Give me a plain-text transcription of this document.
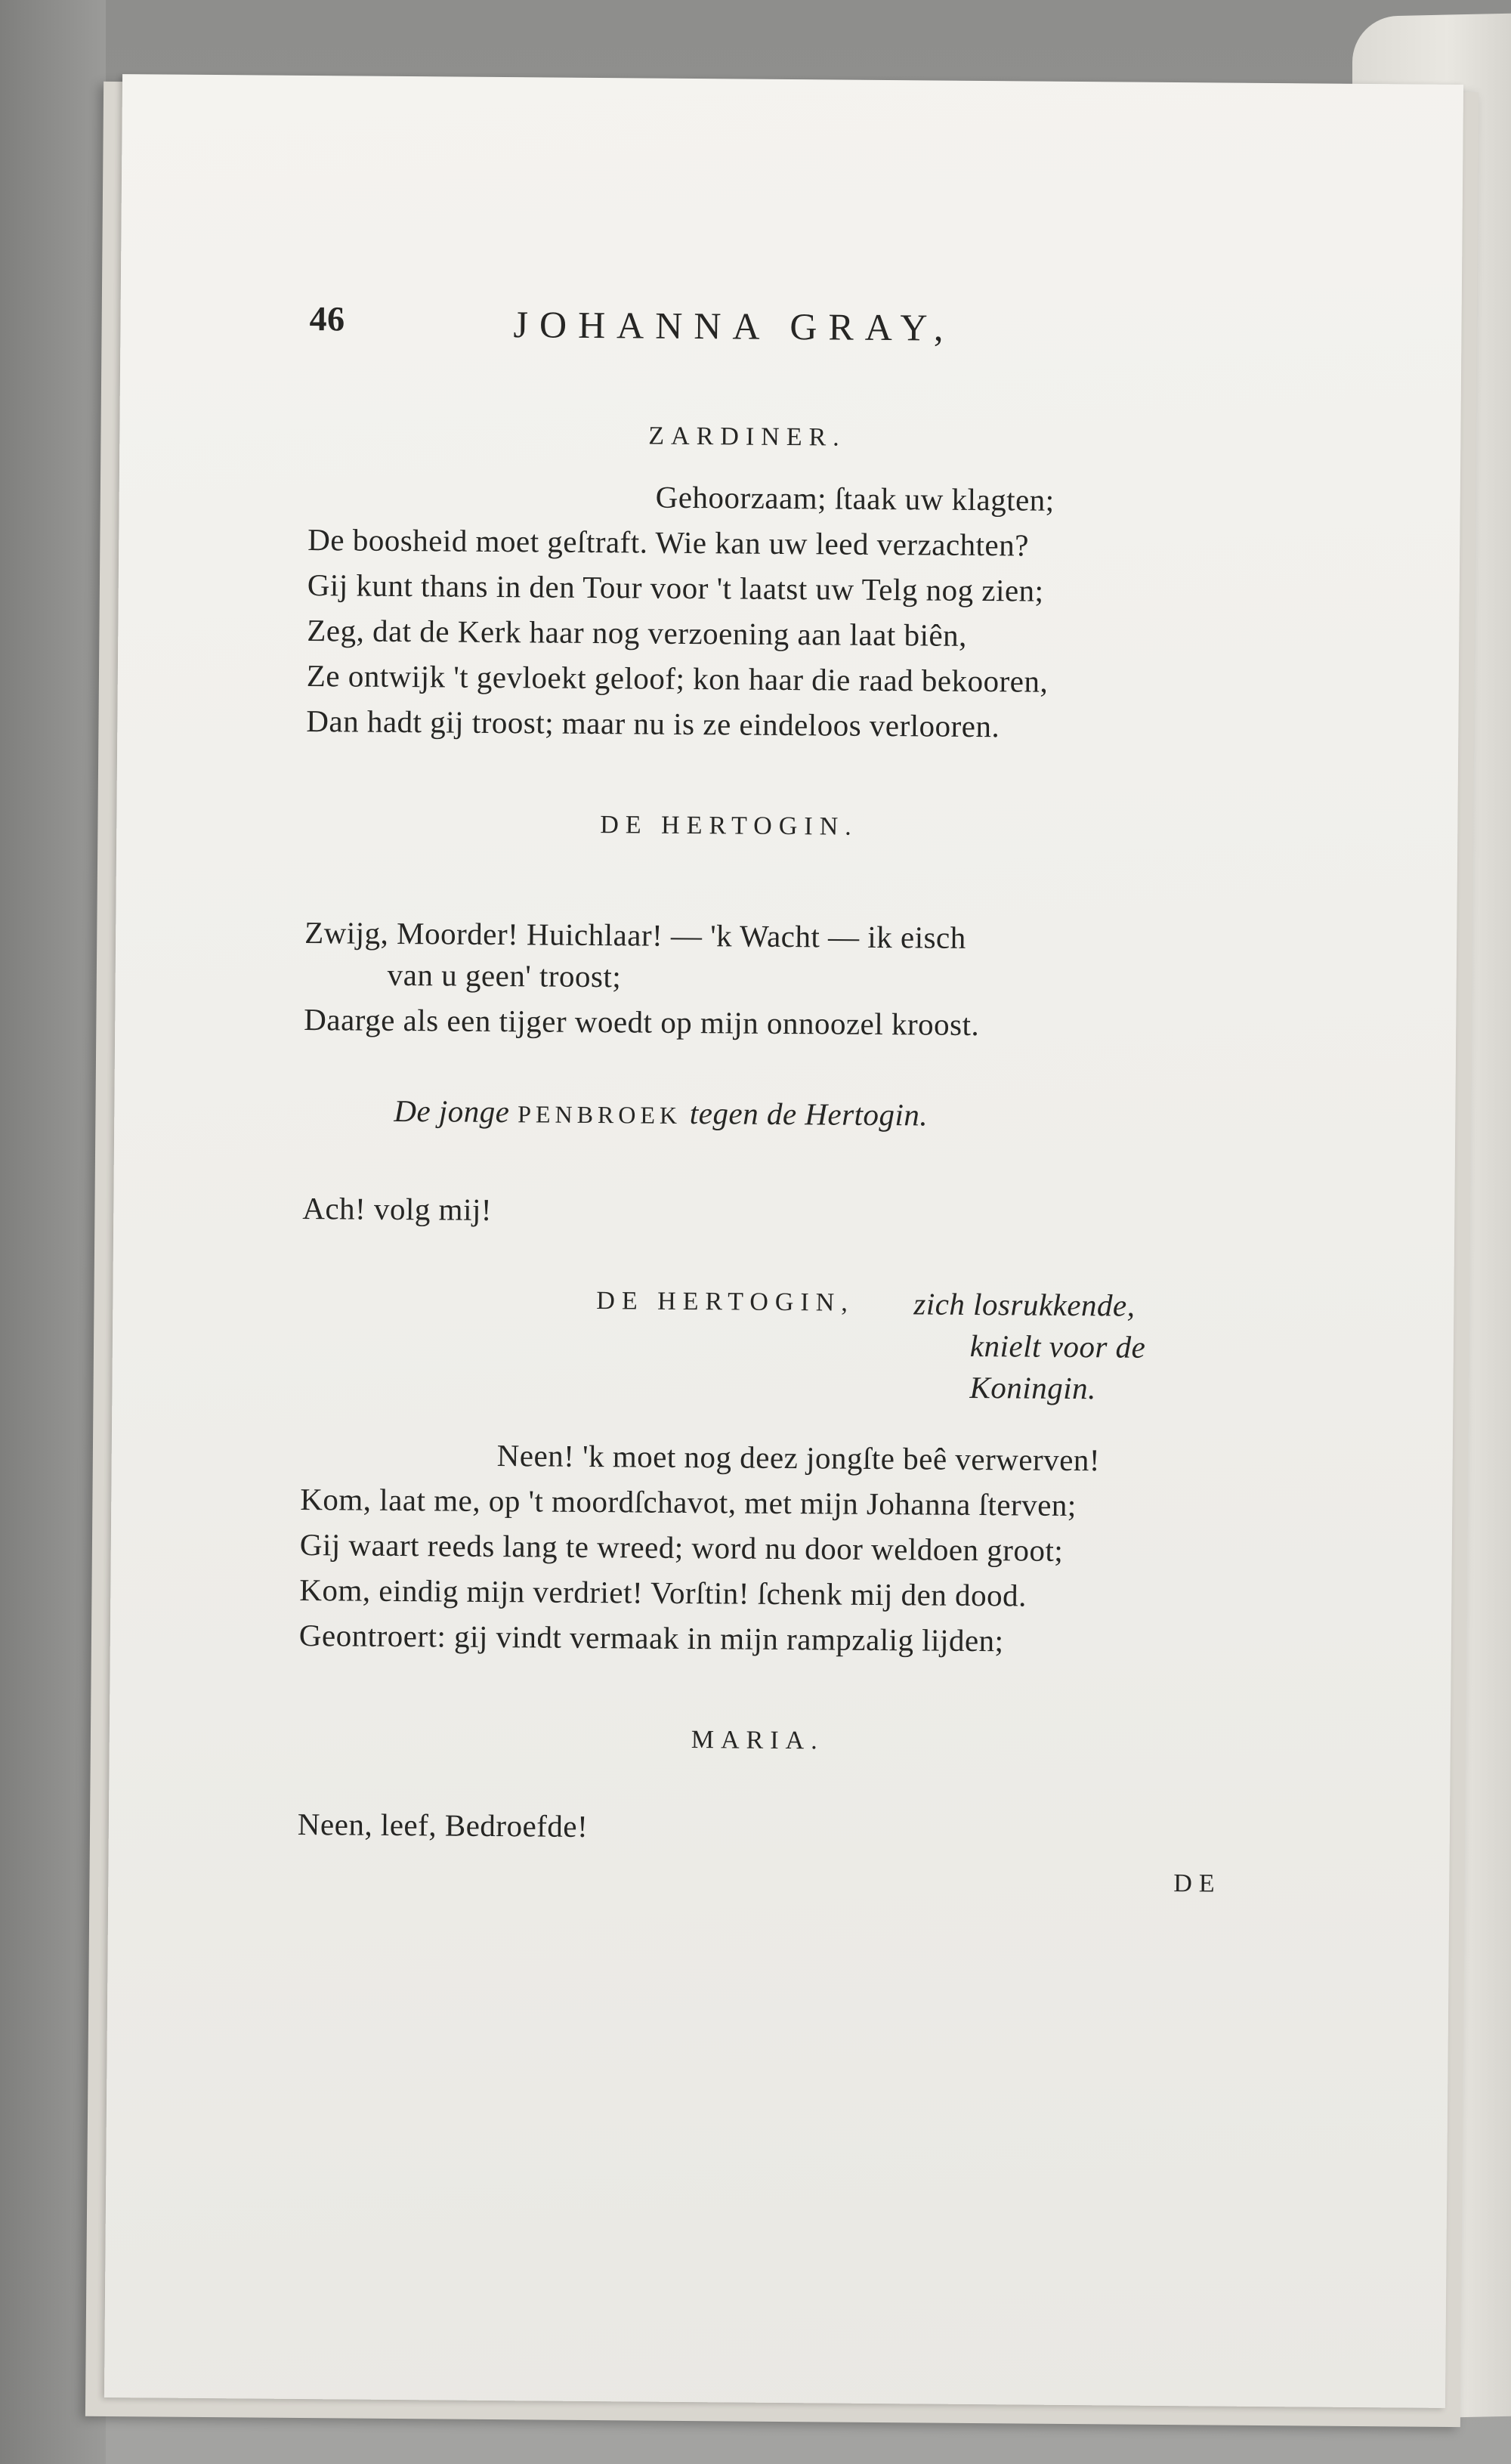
46	JOHANNA GRAY,
ZARDINER.
Gehoorzaam; ſtaak uw klagten;
De boosheid moet geſtraft. Wie kan uw leed verzachten?
Gij kunt thans in den Tour voor 't laatst uw Telg nog zien;
Zeg, dat de Kerk haar nog verzoening aan laat biên,
Ze ontwijk 't gevloekt geloof; kon haar die raad bekooren,
Dan hadt gij troost; maar nu is ze eindeloos verlooren.
DE HERTOGIN.
Zwijg, Moorder! Huichlaar! — 'k Wacht — ik eisch
van u geen' troost;
Daarge als een tijger woedt op mijn onnoozel kroost.
De jonge PENBROEK tegen de Hertogin.
Ach! volg mij!
DE HERTOGIN, zich losrukkende,
knielt voor de
Koningin.
Neen! 'k moet nog deez jongſte beê verwerven!
Kom, laat me, op 't moordſchavot, met mijn Johanna ſterven;
Gij waart reeds lang te wreed; word nu door weldoen groot;
Kom, eindig mijn verdriet! Vorſtin! ſchenk mij den dood.
Geontroert: gij vindt vermaak in mijn rampzalig lijden;
MARIA.
Neen, leef, Bedroefde!
DE
